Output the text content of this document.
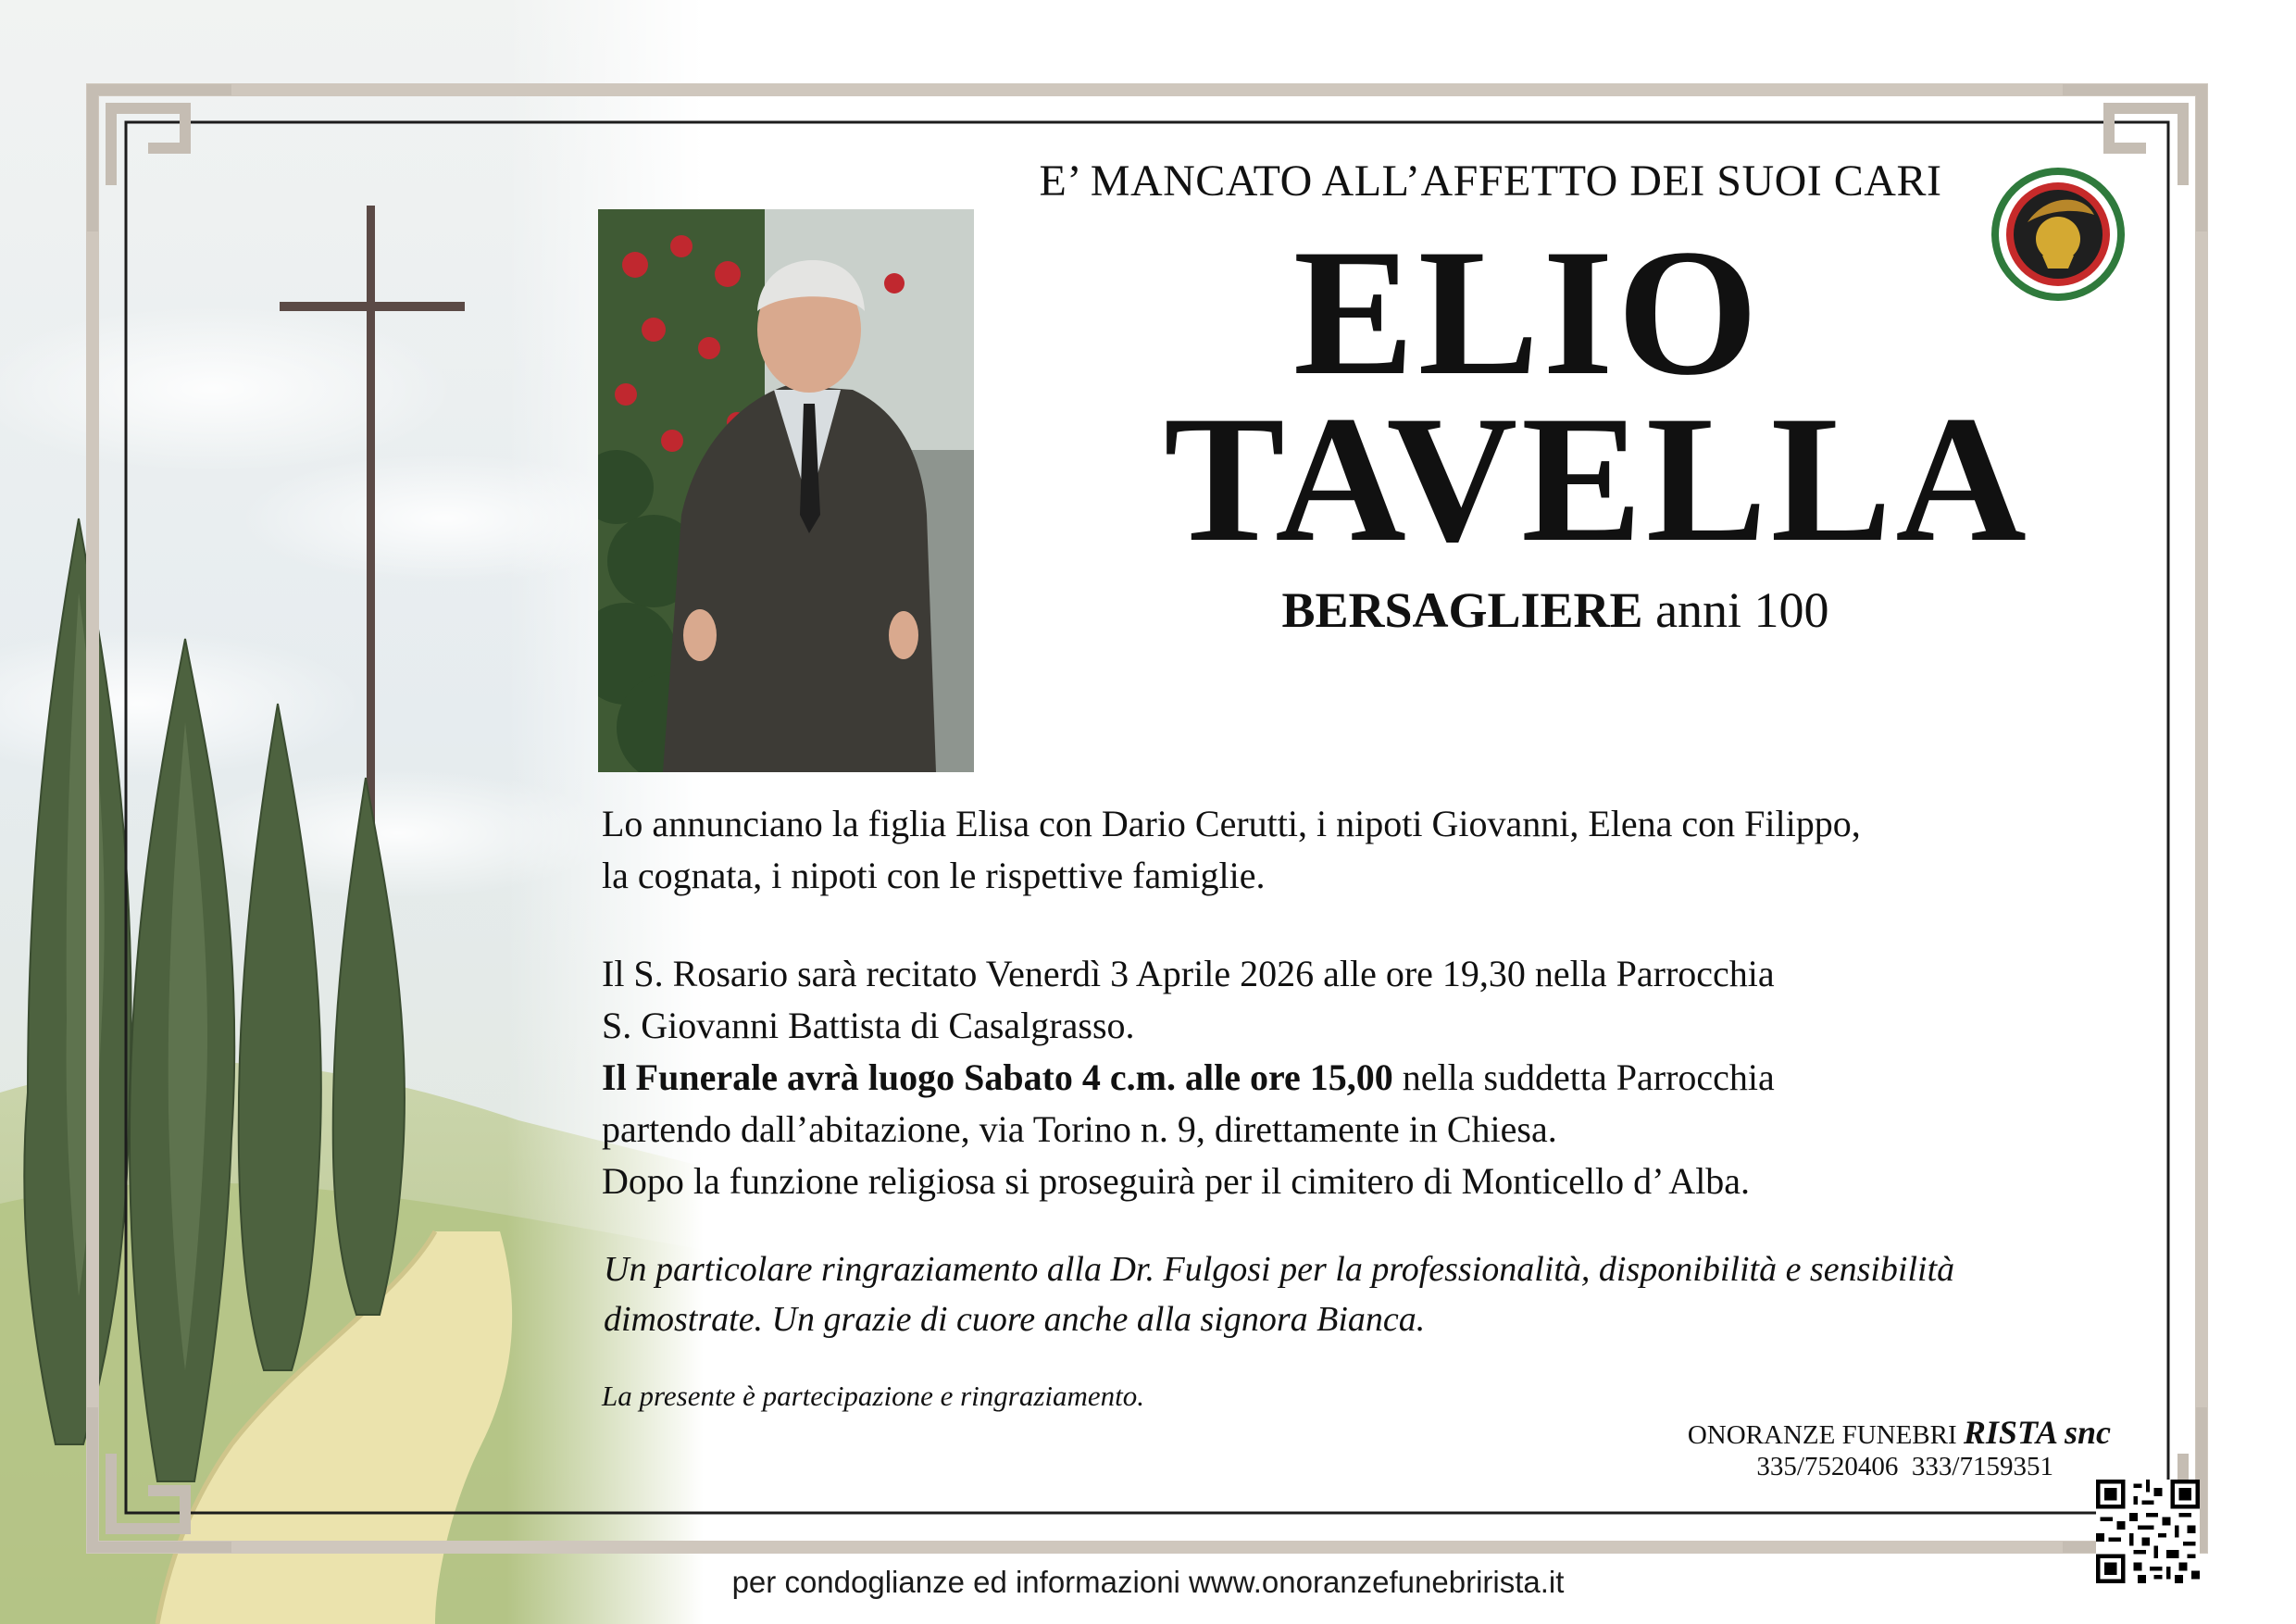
E’ MANCATO ALL’AFFETTO DEI SUOI CARI
ELIO
TAVELLA
BERSAGLIERE anni 100
Lo annunciano la figlia Elisa con Dario Cerutti, i nipoti Giovanni, Elena con Filippo,
la cognata, i nipoti con le rispettive famiglie.
Il S. Rosario sarà recitato Venerdì 3 Aprile 2026 alle ore 19,30 nella Parrocchia
S. Giovanni Battista di Casalgrasso.
Il Funerale avrà luogo Sabato 4 c.m. alle ore 15,00 nella suddetta Parrocchia
partendo dall’abitazione, via Torino n. 9, direttamente in Chiesa.
Dopo la funzione religiosa si proseguirà per il cimitero di Monticello d’ Alba.
Un particolare ringraziamento alla Dr. Fulgosi per la professionalità, disponibilità e sensibilità
dimostrate. Un grazie di cuore anche alla signora Bianca.
La presente è partecipazione e ringraziamento.
ONORANZE FUNEBRI RISTA snc
335/7520406  333/7159351
per condoglianze ed informazioni www.onoranzefunebrirista.it
